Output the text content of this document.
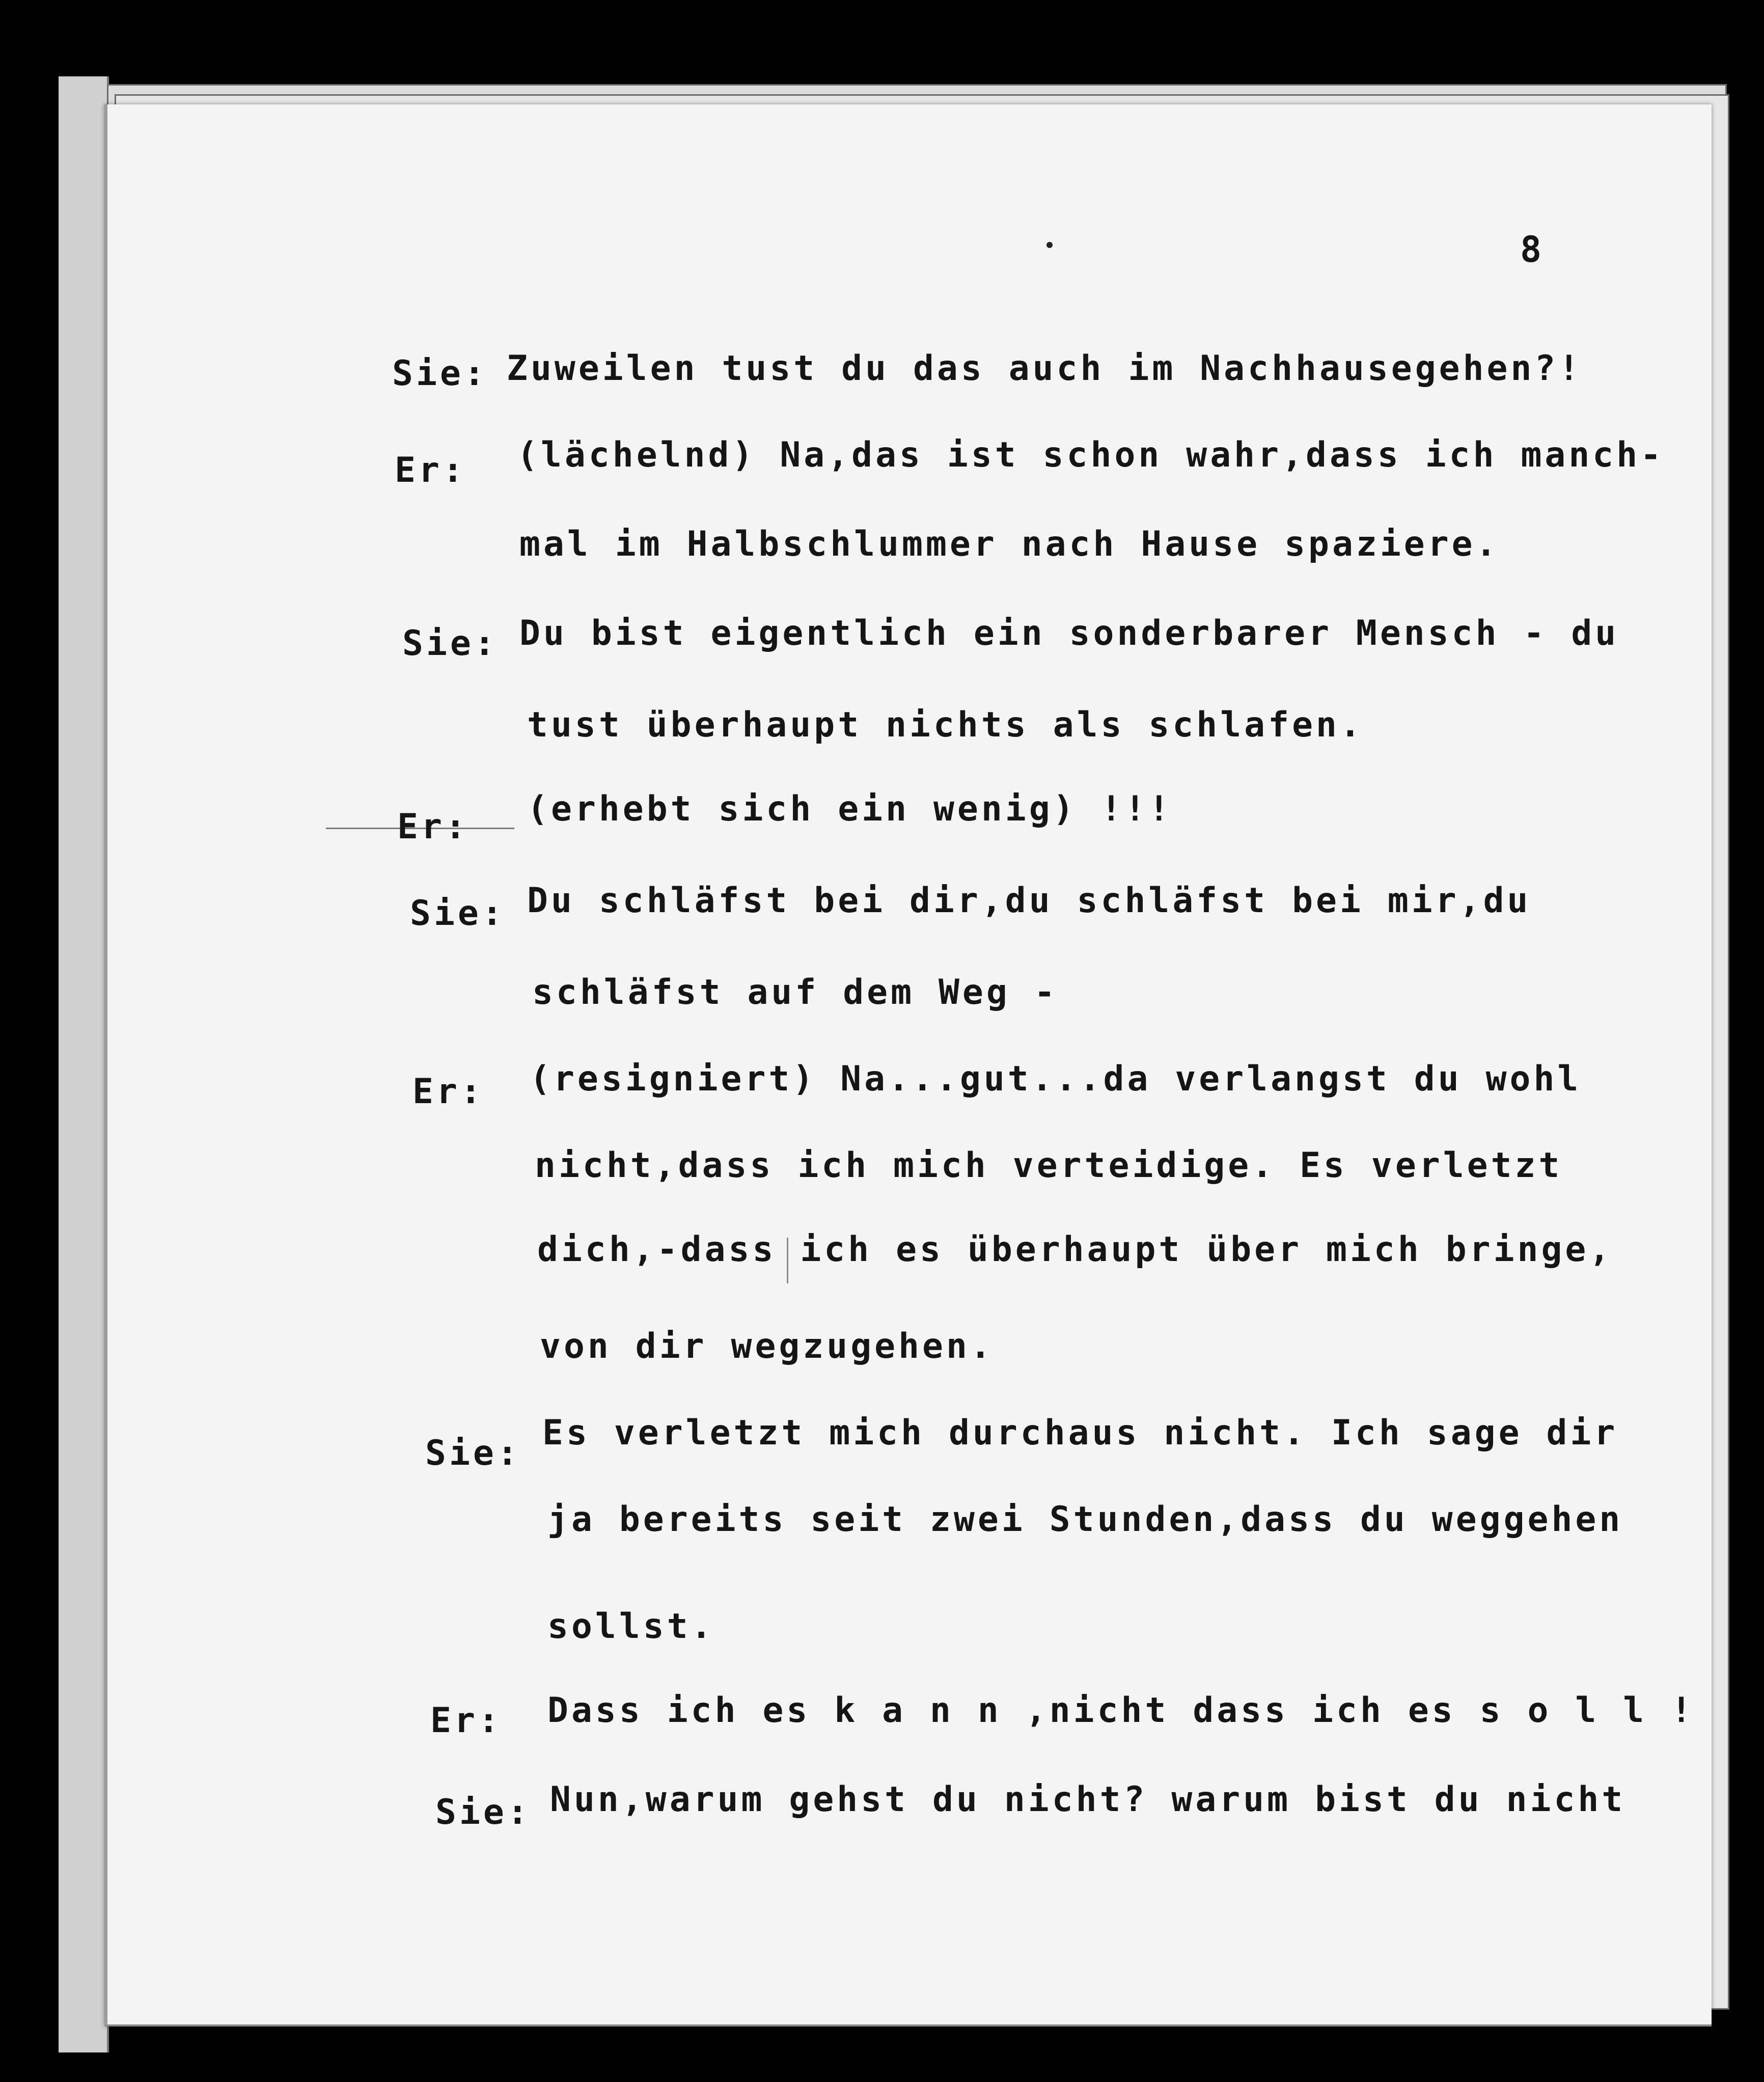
8
Sie: Zuweilen tust du das auch im Nachhausegehen?!
Er: (lächelnd) Na,das ist schon wahr,dass ich manch-
mal im Halbschlummer nach Hause spaziere.
Sie: Du bist eigentlich ein sonderbarer Mensch - du
tust überhaupt nichts als schlafen.
Er: (erhebt sich ein wenig) !!!
Sie: Du schläfst bei dir,du schläfst bei mir,du
schläfst auf dem Weg -
Er: (resigniert) Na...gut...da verlangst du wohl
nicht,dass ich mich verteidige. Es verletzt
dich,-dass ich es überhaupt über mich bringe,
von dir wegzugehen.
Sie:
Es verletzt mich durchaus nicht. Ich sage dir
ja bereits seit zwei Stunden,dass du weggehen
sollst.
Er: Dass ich es k a n n ,nicht dass ich es s o l l !
Sie: Nun,warum gehst du nicht? warum bist du nicht
